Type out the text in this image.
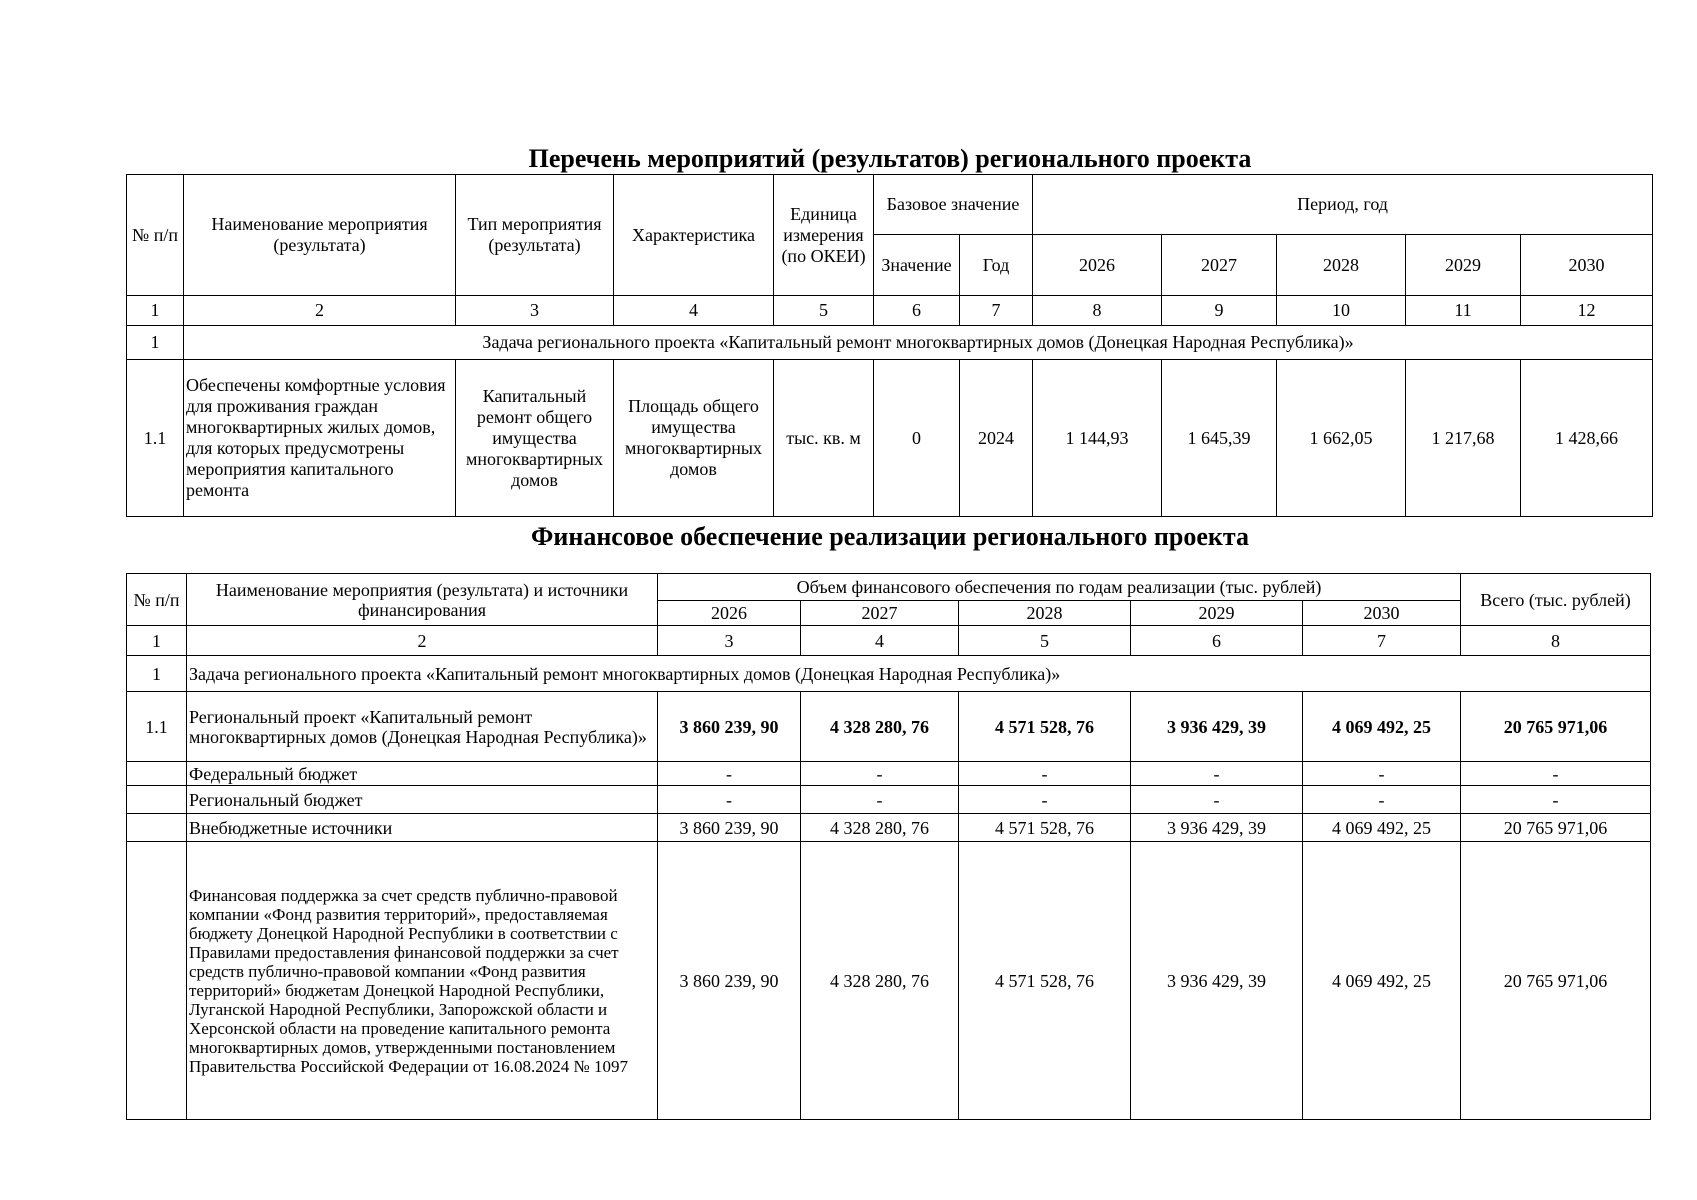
Перечень мероприятий (результатов) регионального проекта
№ п/п	Наименование мероприятия (результата)	Тип мероприятия (результата)	Характеристика	Единица измерения (по ОКЕИ)	Базовое значение		Период, год				
					Значение	Год	2026	2027	2028	2029	2030
1	2	3	4	5	6	7	8	9	10	11	12
1	Задача регионального проекта «Капитальный ремонт многоквартирных домов (Донецкая Народная Республика)»										
1.1	Обеспечены комфортные условия для проживания граждан многоквартирных жилых домов, для которых предусмотрены мероприятия капитального ремонта	Капитальный ремонт общего имущества многоквартирных домов	Площадь общего имущества многоквартирных домов	тыс. кв. м	0	2024	1 144,93	1 645,39	1 662,05	1 217,68	1 428,66
Финансовое обеспечение реализации регионального проекта
№ п/п	Наименование мероприятия (результата) и источники финансирования	Объем финансового обеспечения по годам реализации (тыс. рублей)					Всего (тыс. рублей)
		2026	2027	2028	2029	2030	
1	2	3	4	5	6	7	8
1	Задача регионального проекта «Капитальный ремонт многоквартирных домов (Донецкая Народная Республика)»						
1.1	Региональный проект «Капитальный ремонт многоквартирных домов (Донецкая Народная Республика)»	3 860 239, 90	4 328 280, 76	4 571 528, 76	3 936 429, 39	4 069 492, 25	20 765 971,06
	Федеральный бюджет	-	-	-	-	-	-
	Региональный бюджет	-	-	-	-	-	-
	Внебюджетные источники	3 860 239, 90	4 328 280, 76	4 571 528, 76	3 936 429, 39	4 069 492, 25	20 765 971,06
	Финансовая поддержка за счет средств публично-правовой компании «Фонд развития территорий», предоставляемая бюджету Донецкой Народной Республики в соответствии с Правилами предоставления финансовой поддержки за счет средств публично-правовой компании «Фонд развития территорий» бюджетам Донецкой Народной Республики, Луганской Народной Республики, Запорожской области и Херсонской области на проведение капитального ремонта многоквартирных домов, утвержденными постановлением Правительства Российской Федерации от 16.08.2024 № 1097	3 860 239, 90	4 328 280, 76	4 571 528, 76	3 936 429, 39	4 069 492, 25	20 765 971,06
